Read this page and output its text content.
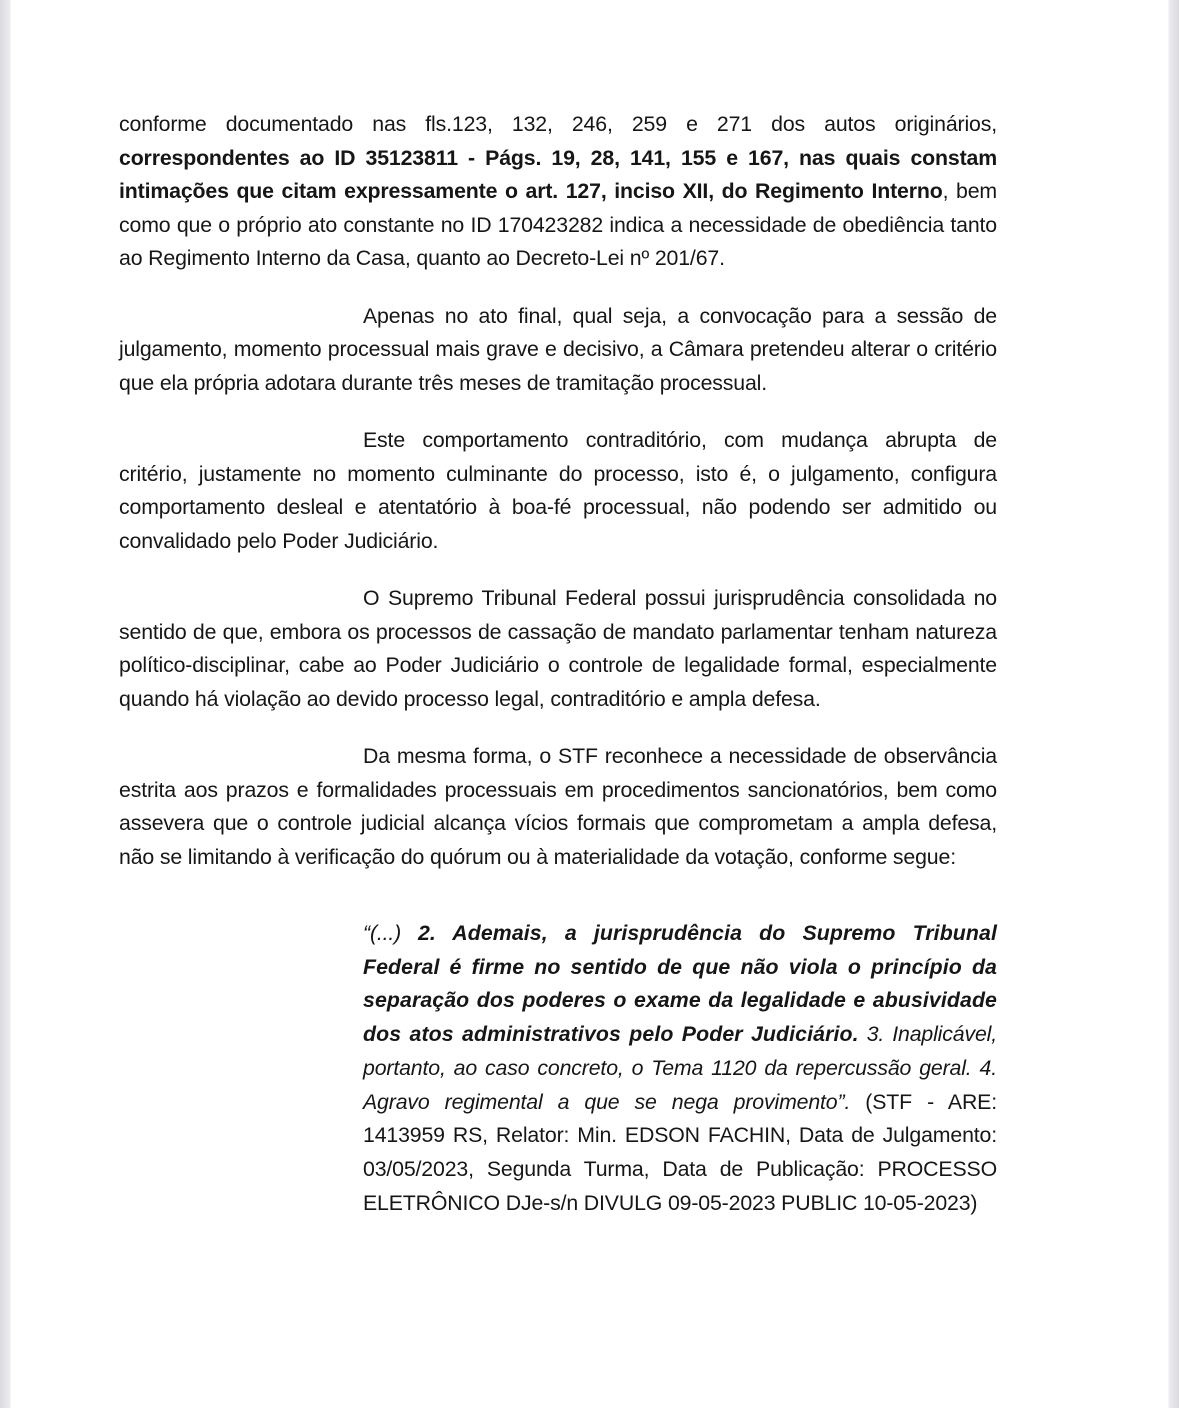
conforme documentado nas fls.123, 132, 246, 259 e 271 dos autos originários, correspondentes ao ID 35123811 - Págs. 19, 28, 141, 155 e 167, nas quais constam intimações que citam expressamente o art. 127, inciso XII, do Regimento Interno, bem como que o próprio ato constante no ID 170423282 indica a necessidade de obediência tanto ao Regimento Interno da Casa, quanto ao Decreto-Lei nº 201/67.

Apenas no ato final, qual seja, a convocação para a sessão de julgamento, momento processual mais grave e decisivo, a Câmara pretendeu alterar o critério que ela própria adotara durante três meses de tramitação processual.

Este comportamento contraditório, com mudança abrupta de critério, justamente no momento culminante do processo, isto é, o julgamento, configura comportamento desleal e atentatório à boa-fé processual, não podendo ser admitido ou convalidado pelo Poder Judiciário.

O Supremo Tribunal Federal possui jurisprudência consolidada no sentido de que, embora os processos de cassação de mandato parlamentar tenham natureza político-disciplinar, cabe ao Poder Judiciário o controle de legalidade formal, especialmente quando há violação ao devido processo legal, contraditório e ampla defesa.

Da mesma forma, o STF reconhece a necessidade de observância estrita aos prazos e formalidades processuais em procedimentos sancionatórios, bem como assevera que o controle judicial alcança vícios formais que comprometam a ampla defesa, não se limitando à verificação do quórum ou à materialidade da votação, conforme segue:

“(...) 2. Ademais, a jurisprudência do Supremo Tribunal Federal é firme no sentido de que não viola o princípio da separação dos poderes o exame da legalidade e abusividade dos atos administrativos pelo Poder Judiciário. 3. Inaplicável, portanto, ao caso concreto, o Tema 1120 da repercussão geral. 4. Agravo regimental a que se nega provimento”. (STF - ARE: 1413959 RS, Relator: Min. EDSON FACHIN, Data de Julgamento: 03/05/2023, Segunda Turma, Data de Publicação: PROCESSO ELETRÔNICO DJe-s/n DIVULG 09-05-2023 PUBLIC 10-05-2023)
